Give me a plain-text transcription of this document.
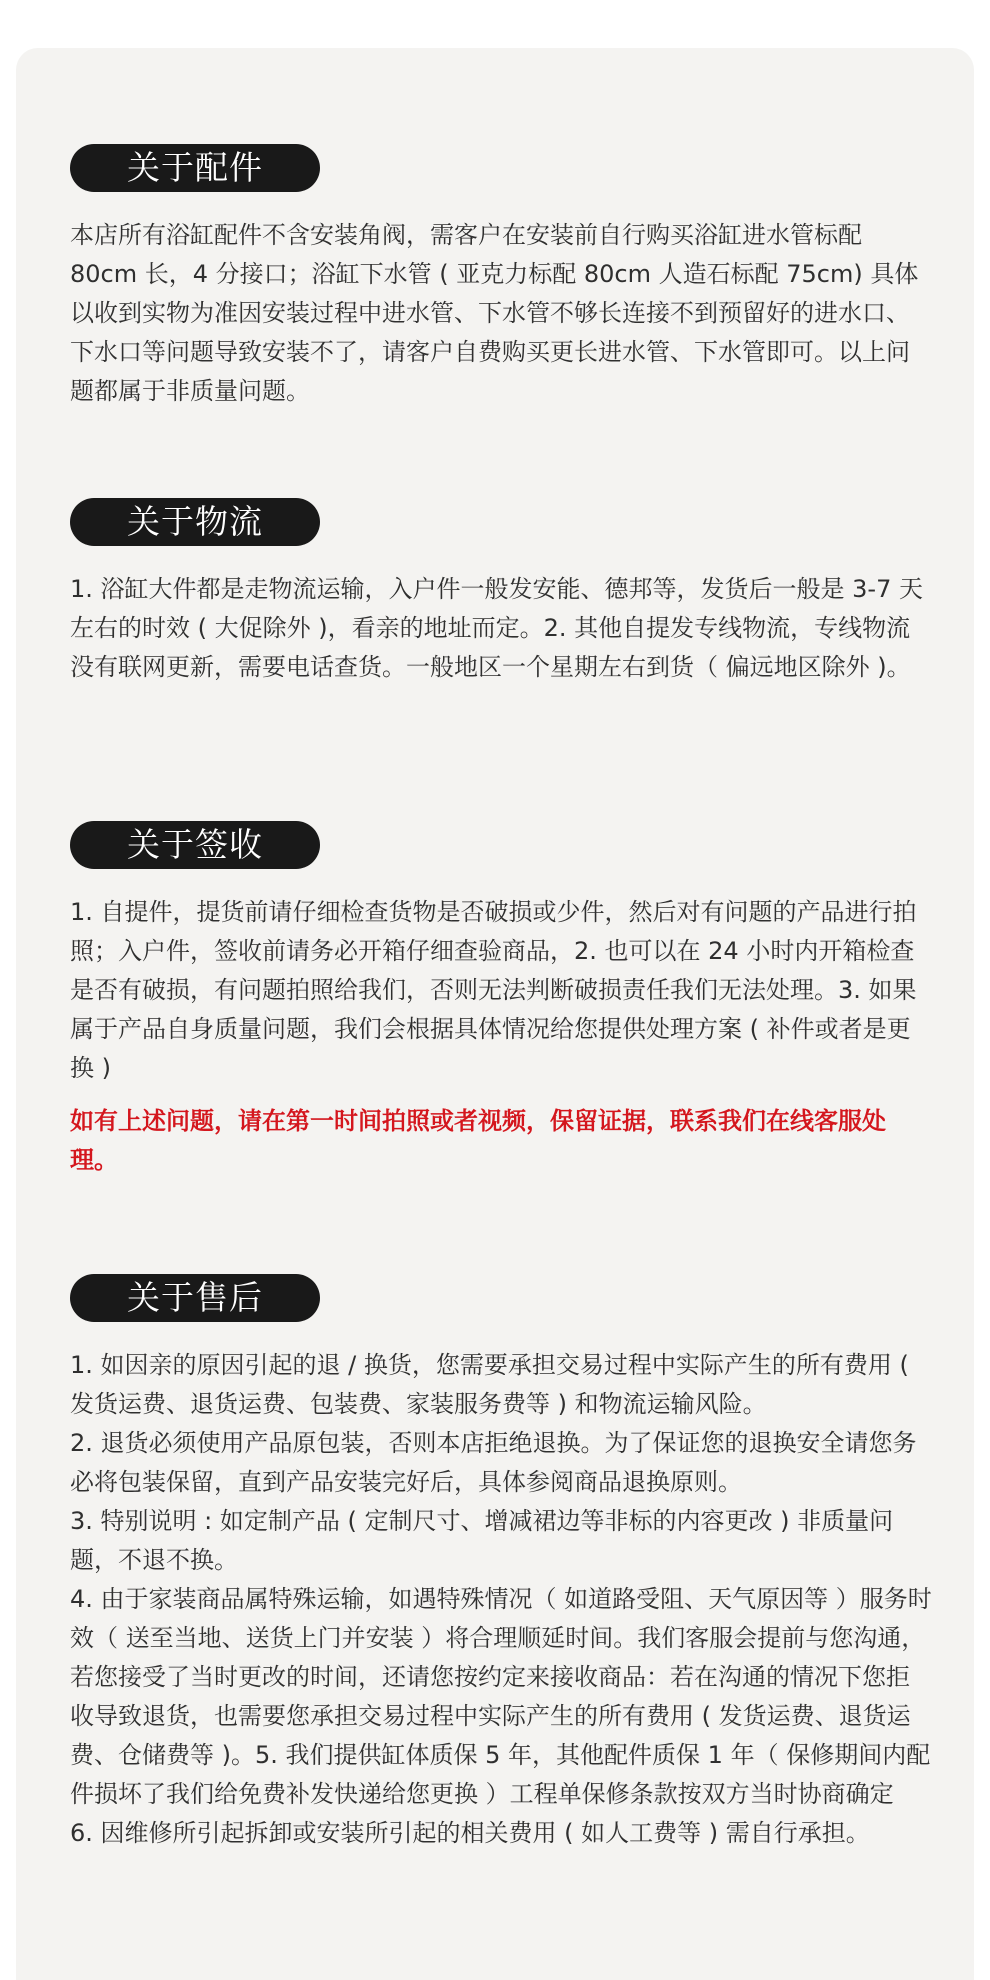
关于配件

本店所有浴缸配件不含安装角阀，需客户在安装前自行购买浴缸进水管标配 80cm 长，4 分接口；浴缸下水管 ( 亚克力标配 80cm 人造石标配 75cm) 具体以收到实物为准因安装过程中进水管、下水管不够长连接不到预留好的进水口、下水口等问题导致安装不了，请客户自费购买更长进水管、下水管即可。以上问题都属于非质量问题。

关于物流

1. 浴缸大件都是走物流运输，入户件一般发安能、德邦等，发货后一般是 3-7 天左右的时效 ( 大促除外 )，看亲的地址而定。2. 其他自提发专线物流，专线物流没有联网更新，需要电话查货。一般地区一个星期左右到货（ 偏远地区除外 )。

关于签收

1. 自提件，提货前请仔细检查货物是否破损或少件，然后对有问题的产品进行拍照；入户件，签收前请务必开箱仔细查验商品，2. 也可以在 24 小时内开箱检查是否有破损，有问题拍照给我们，否则无法判断破损责任我们无法处理。3. 如果属于产品自身质量问题，我们会根据具体情况给您提供处理方案 ( 补件或者是更换 )

如有上述问题，请在第一时间拍照或者视频，保留证据，联系我们在线客服处理。
关于售后

1. 如因亲的原因引起的退 / 换货，您需要承担交易过程中实际产生的所有费用 ( 发货运费、退货运费、包装费、家装服务费等 ) 和物流运输风险。

2. 退货必须使用产品原包装，否则本店拒绝退换。为了保证您的退换安全请您务必将包装保留，直到产品安装完好后，具体参阅商品退换原则。

3. 特别说明 : 如定制产品 ( 定制尺寸、增减裙边等非标的内容更改 ) 非质量问题，不退不换。

4. 由于家装商品属特殊运输，如遇特殊情况（ 如道路受阻、天气原因等 ）服务时效（ 送至当地、送货上门并安装 ）将合理顺延时间。我们客服会提前与您沟通，若您接受了当时更改的时间，还请您按约定来接收商品：若在沟通的情况下您拒收导致退货，也需要您承担交易过程中实际产生的所有费用 ( 发货运费、退货运费、仓储费等 )。5. 我们提供缸体质保 5 年，其他配件质保 1 年（ 保修期间内配件损坏了我们给免费补发快递给您更换 ）工程单保修条款按双方当时协商确定

6. 因维修所引起拆卸或安装所引起的相关费用 ( 如人工费等 ) 需自行承担。
